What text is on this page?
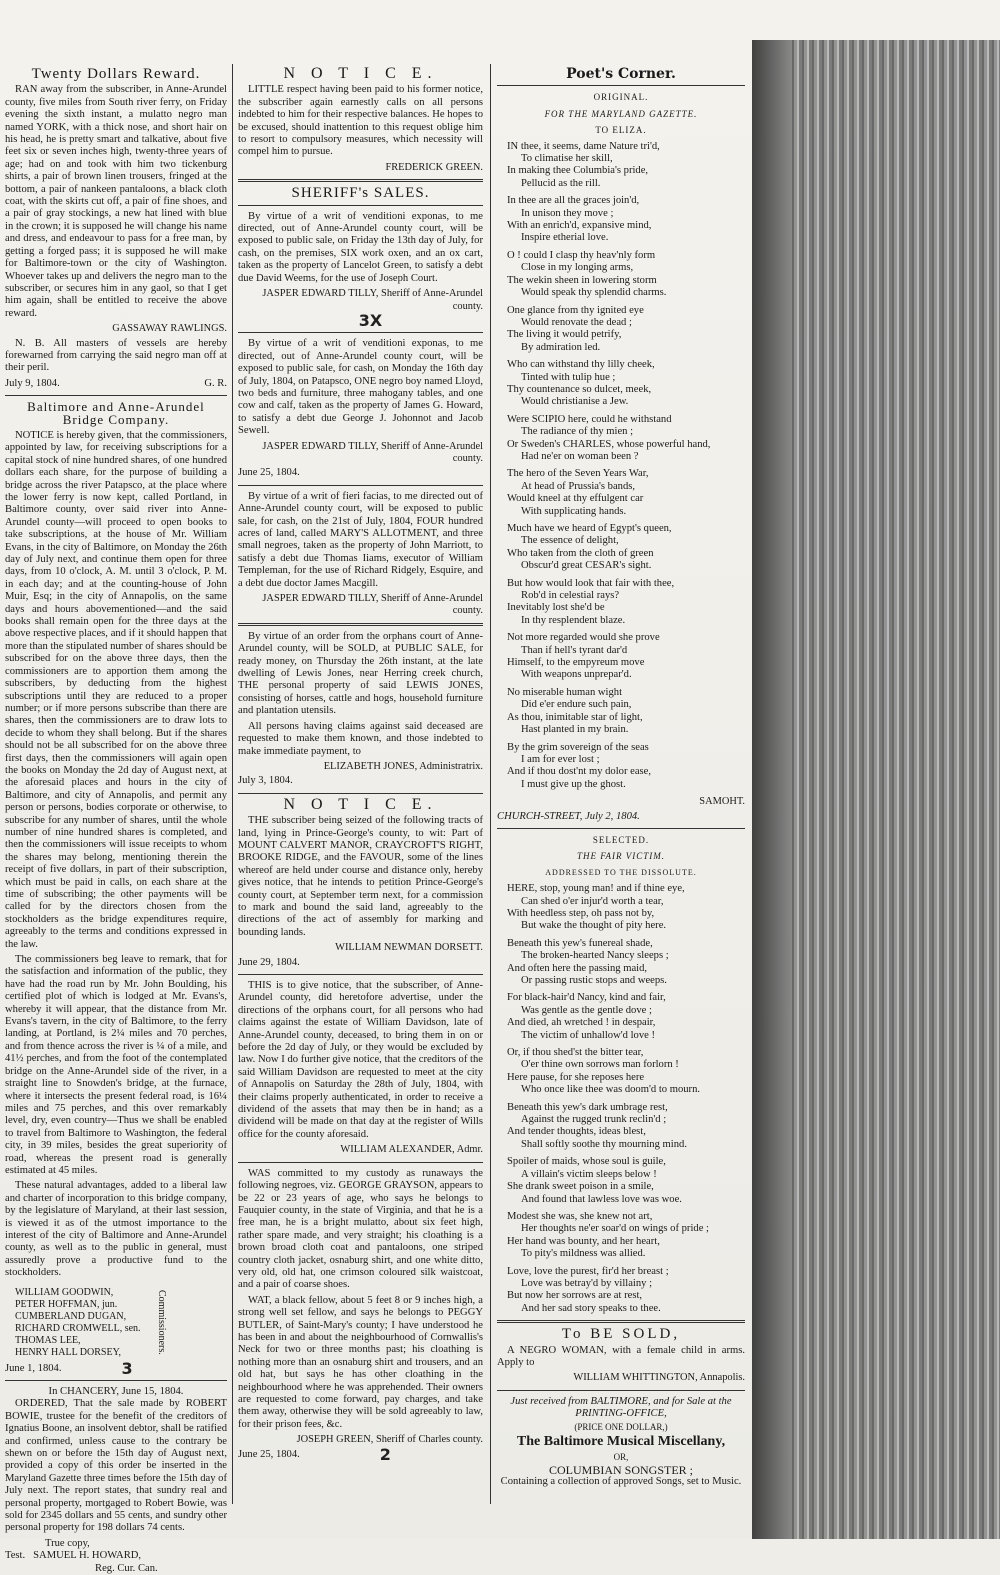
Twenty Dollars Reward.

RAN away from the subscriber, in Anne-Arundel county, five miles from South river ferry, on Friday evening the sixth instant, a mulatto negro man named YORK, with a thick nose, and short hair on his head, he is pretty smart and talkative, about five feet six or seven inches high, twenty-three years of age; had on and took with him two tickenburg shirts, a pair of brown linen trousers, fringed at the bottom, a pair of nankeen pantaloons, a black cloth coat, with the skirts cut off, a pair of fine shoes, and a pair of gray stockings, a new hat lined with blue in the crown; it is supposed he will change his name and dress, and endeavour to pass for a free man, by getting a forged pass; it is supposed he will make for Baltimore-town or the city of Washington. Whoever takes up and delivers the negro man to the subscriber, or secures him in any gaol, so that I get him again, shall be entitled to receive the above reward.

GASSAWAY RAWLINGS.

N. B. All masters of vessels are hereby forewarned from carrying the said negro man off at their peril.

July 9, 1804.	G. R.
Baltimore and Anne-Arundel Bridge Company.

NOTICE is hereby given, that the commissioners, appointed by law, for receiving subscriptions for a capital stock of nine hundred shares, of one hundred dollars each share, for the purpose of building a bridge across the river Patapsco, at the place where the lower ferry is now kept, called Portland, in Baltimore county, over said river into Anne-Arundel county—will proceed to open books to take subscriptions, at the house of Mr. William Evans, in the city of Baltimore, on Monday the 26th day of July next, and continue them open for three days, from 10 o'clock, A. M. until 3 o'clock, P. M. in each day; and at the counting-house of John Muir, Esq; in the city of Annapolis, on the same days and hours abovementioned—and the said books shall remain open for the three days at the above respective places, and if it should happen that more than the stipulated number of shares should be subscribed for on the above three days, then the commissioners are to apportion them among the subscribers, by deducting from the highest subscriptions until they are reduced to a proper number; or if more persons subscribe than there are shares, then the commissioners are to draw lots to decide to whom they shall belong. But if the shares should not be all subscribed for on the above three first days, then the commissioners will again open the books on Monday the 2d day of August next, at the aforesaid places and hours in the city of Baltimore, and city of Annapolis, and permit any person or persons, bodies corporate or otherwise, to subscribe for any number of shares, until the whole number of nine hundred shares is completed, and then the commissioners will issue receipts to whom the shares may belong, mentioning therein the receipt of five dollars, in part of their subscription, which must be paid in calls, on each share at the time of subscribing; the other payments will be called for by the directors chosen from the stockholders as the bridge expenditures require, agreeably to the terms and conditions expressed in the law.

The commissioners beg leave to remark, that for the satisfaction and information of the public, they have had the road run by Mr. John Boulding, his certified plot of which is lodged at Mr. Evans's, whereby it will appear, that the distance from Mr. Evans's tavern, in the city of Baltimore, to the ferry landing, at Portland, is 2¼ miles and 70 perches, and from thence across the river is ¼ of a mile, and 41½ perches, and from the foot of the contemplated bridge on the Anne-Arundel side of the river, in a straight line to Snowden's bridge, at the furnace, where it intersects the present federal road, is 16¼ miles and 75 perches, and this over remarkably level, dry, even country—Thus we shall be enabled to travel from Baltimore to Washington, the federal city, in 39 miles, besides the great superiority of road, whereas the present road is generally estimated at 45 miles.

These natural advantages, added to a liberal law and charter of incorporation to this bridge company, by the legislature of Maryland, at their last session, is viewed it as of the utmost importance to the interest of the city of Baltimore and Anne-Arundel county, as well as to the public in general, must assuredly prove a productive fund to the stockholders.

WILLIAM GOODWIN,
PETER HOFFMAN, jun.
CUMBERLAND DUGAN,
RICHARD CROMWELL, sen.
THOMAS LEE,
HENRY HALL DORSEY,	Commissioners.
June 1, 1804.	3
In CHANCERY, June 15, 1804.

ORDERED, That the sale made by ROBERT BOWIE, trustee for the benefit of the creditors of Ignatius Boone, an insolvent debtor, shall be ratified and confirmed, unless cause to the contrary be shewn on or before the 15th day of August next, provided a copy of this order be inserted in the Maryland Gazette three times before the 15th day of July next. The report states, that sundry real and personal property, mortgaged to Robert Bowie, was sold for 2345 dollars and 55 cents, and sundry other personal property for 198 dollars 74 cents.

True copy,
Test. SAMUEL H. HOWARD,
Reg. Cur. Can.
N O T I C E.

LITTLE respect having been paid to his former notice, the subscriber again earnestly calls on all persons indebted to him for their respective balances. He hopes to be excused, should inattention to this request oblige him to resort to compulsory measures, which necessity will compel him to pursue.

FREDERICK GREEN.
SHERIFF's SALES.

By virtue of a writ of venditioni exponas, to me directed, out of Anne-Arundel county court, will be exposed to public sale, on Friday the 13th day of July, for cash, on the premises, SIX work oxen, and an ox cart, taken as the property of Lancelot Green, to satisfy a debt due David Weems, for the use of Joseph Court.

JASPER EDWARD TILLY, Sheriff of Anne-Arundel county.
3X

By virtue of a writ of venditioni exponas, to me directed, out of Anne-Arundel county court, will be exposed to public sale, for cash, on Monday the 16th day of July, 1804, on Patapsco, ONE negro boy named Lloyd, two beds and furniture, three mahogany tables, and one cow and calf, taken as the property of James G. Howard, to satisfy a debt due George J. Johonnot and Jacob Sewell.

JASPER EDWARD TILLY, Sheriff of Anne-Arundel county.
June 25, 1804.

By virtue of a writ of fieri facias, to me directed out of Anne-Arundel county court, will be exposed to public sale, for cash, on the 21st of July, 1804, FOUR hundred acres of land, called MARY'S ALLOTMENT, and three small negroes, taken as the property of John Marriott, to satisfy a debt due Thomas Iiams, executor of William Templeman, for the use of Richard Ridgely, Esquire, and a debt due doctor James Macgill.

JASPER EDWARD TILLY, Sheriff of Anne-Arundel county.

By virtue of an order from the orphans court of Anne-Arundel county, will be SOLD, at PUBLIC SALE, for ready money, on Thursday the 26th instant, at the late dwelling of Lewis Jones, near Herring creek church, THE personal property of said LEWIS JONES, consisting of horses, cattle and hogs, household furniture and plantation utensils.

All persons having claims against said deceased are requested to make them known, and those indebted to make immediate payment, to

ELIZABETH JONES, Administratrix.
July 3, 1804.
N O T I C E.

THE subscriber being seized of the following tracts of land, lying in Prince-George's county, to wit: Part of MOUNT CALVERT MANOR, CRAYCROFT'S RIGHT, BROOKE RIDGE, and the FAVOUR, some of the lines whereof are held under course and distance only, hereby gives notice, that he intends to petition Prince-George's county court, at September term next, for a commission to mark and bound the said land, agreeably to the directions of the act of assembly for marking and bounding lands.

WILLIAM NEWMAN DORSETT.
June 29, 1804.

THIS is to give notice, that the subscriber, of Anne-Arundel county, did heretofore advertise, under the directions of the orphans court, for all persons who had claims against the estate of William Davidson, late of Anne-Arundel county, deceased, to bring them in on or before the 2d day of July, or they would be excluded by law. Now I do further give notice, that the creditors of the said William Davidson are requested to meet at the city of Annapolis on Saturday the 28th of July, 1804, with their claims properly authenticated, in order to receive a dividend of the assets that may then be in hand; as a dividend will be made on that day at the register of Wills office for the county aforesaid.

WILLIAM ALEXANDER, Admr.

WAS committed to my custody as runaways the following negroes, viz. GEORGE GRAYSON, appears to be 22 or 23 years of age, who says he belongs to Fauquier county, in the state of Virginia, and that he is a free man, he is a bright mulatto, about six feet high, rather spare made, and very straight; his cloathing is a brown broad cloth coat and pantaloons, one striped country cloth jacket, osnaburg shirt, and one white ditto, very old, old hat, one crimson coloured silk waistcoat, and a pair of coarse shoes.

WAT, a black fellow, about 5 feet 8 or 9 inches high, a strong well set fellow, and says he belongs to PEGGY BUTLER, of Saint-Mary's county; I have understood he has been in and about the neighbourhood of Cornwallis's Neck for two or three months past; his cloathing is nothing more than an osnaburg shirt and trousers, and an old hat, but says he has other cloathing in the neighbourhood where he was apprehended. Their owners are requested to come forward, pay charges, and take them away, otherwise they will be sold agreeably to law, for their prison fees, &c.

JOSEPH GREEN, Sheriff of Charles county.
June 25, 1804.	2
Poet's Corner.
ORIGINAL.
FOR THE MARYLAND GAZETTE.
TO ELIZA.
IN thee, it seems, dame Nature tri'd,
To climatise her skill,
In making thee Columbia's pride,
Pellucid as the rill.
In thee are all the graces join'd,
In unison they move ;
With an enrich'd, expansive mind,
Inspire etherial love.
O ! could I clasp thy heav'nly form
Close in my longing arms,
The wekin sheen in lowering storm
Would speak thy splendid charms.
One glance from thy ignited eye
Would renovate the dead ;
The living it would petrify,
By admiration led.
Who can withstand thy lilly cheek,
Tinted with tulip hue ;
Thy countenance so dulcet, meek,
Would christianise a Jew.
Were SCIPIO here, could he withstand
The radiance of thy mien ;
Or Sweden's CHARLES, whose powerful hand,
Had ne'er on woman been ?
The hero of the Seven Years War,
At head of Prussia's bands,
Would kneel at thy effulgent car
With supplicating hands.
Much have we heard of Egypt's queen,
The essence of delight,
Who taken from the cloth of green
Obscur'd great CESAR's sight.
But how would look that fair with thee,
Rob'd in celestial rays?
Inevitably lost she'd be
In thy resplendent blaze.
Not more regarded would she prove
Than if hell's tyrant dar'd
Himself, to the empyreum move
With weapons unprepar'd.
No miserable human wight
Did e'er endure such pain,
As thou, inimitable star of light,
Hast planted in my brain.
By the grim sovereign of the seas
I am for ever lost ;
And if thou dost'nt my dolor ease,
I must give up the ghost.
SAMOHT.
CHURCH-STREET, July 2, 1804.
SELECTED.
THE FAIR VICTIM.
ADDRESSED TO THE DISSOLUTE.
HERE, stop, young man! and if thine eye,
Can shed o'er injur'd worth a tear,
With heedless step, oh pass not by,
But wake the thought of pity here.
Beneath this yew's funereal shade,
The broken-hearted Nancy sleeps ;
And often here the passing maid,
Or passing rustic stops and weeps.
For black-hair'd Nancy, kind and fair,
Was gentle as the gentle dove ;
And died, ah wretched ! in despair,
The victim of unhallow'd love !
Or, if thou shed'st the bitter tear,
O'er thine own sorrows man forlorn !
Here pause, for she reposes here
Who once like thee was doom'd to mourn.
Beneath this yew's dark umbrage rest,
Against the rugged trunk reclin'd ;
And tender thoughts, ideas blest,
Shall softly soothe thy mourning mind.
Spoiler of maids, whose soul is guile,
A villain's victim sleeps below !
She drank sweet poison in a smile,
And found that lawless love was woe.
Modest she was, she knew not art,
Her thoughts ne'er soar'd on wings of pride ;
Her hand was bounty, and her heart,
To pity's mildness was allied.
Love, love the purest, fir'd her breast ;
Love was betray'd by villainy ;
But now her sorrows are at rest,
And her sad story speaks to thee.
To BE SOLD,

A NEGRO WOMAN, with a female child in arms. Apply to

WILLIAM WHITTINGTON, Annapolis.
Just received from BALTIMORE, and for Sale at the PRINTING-OFFICE,
(PRICE ONE DOLLAR,)
The Baltimore Musical Miscellany,
OR,
COLUMBIAN SONGSTER ;
Containing a collection of approved Songs, set to Music.
